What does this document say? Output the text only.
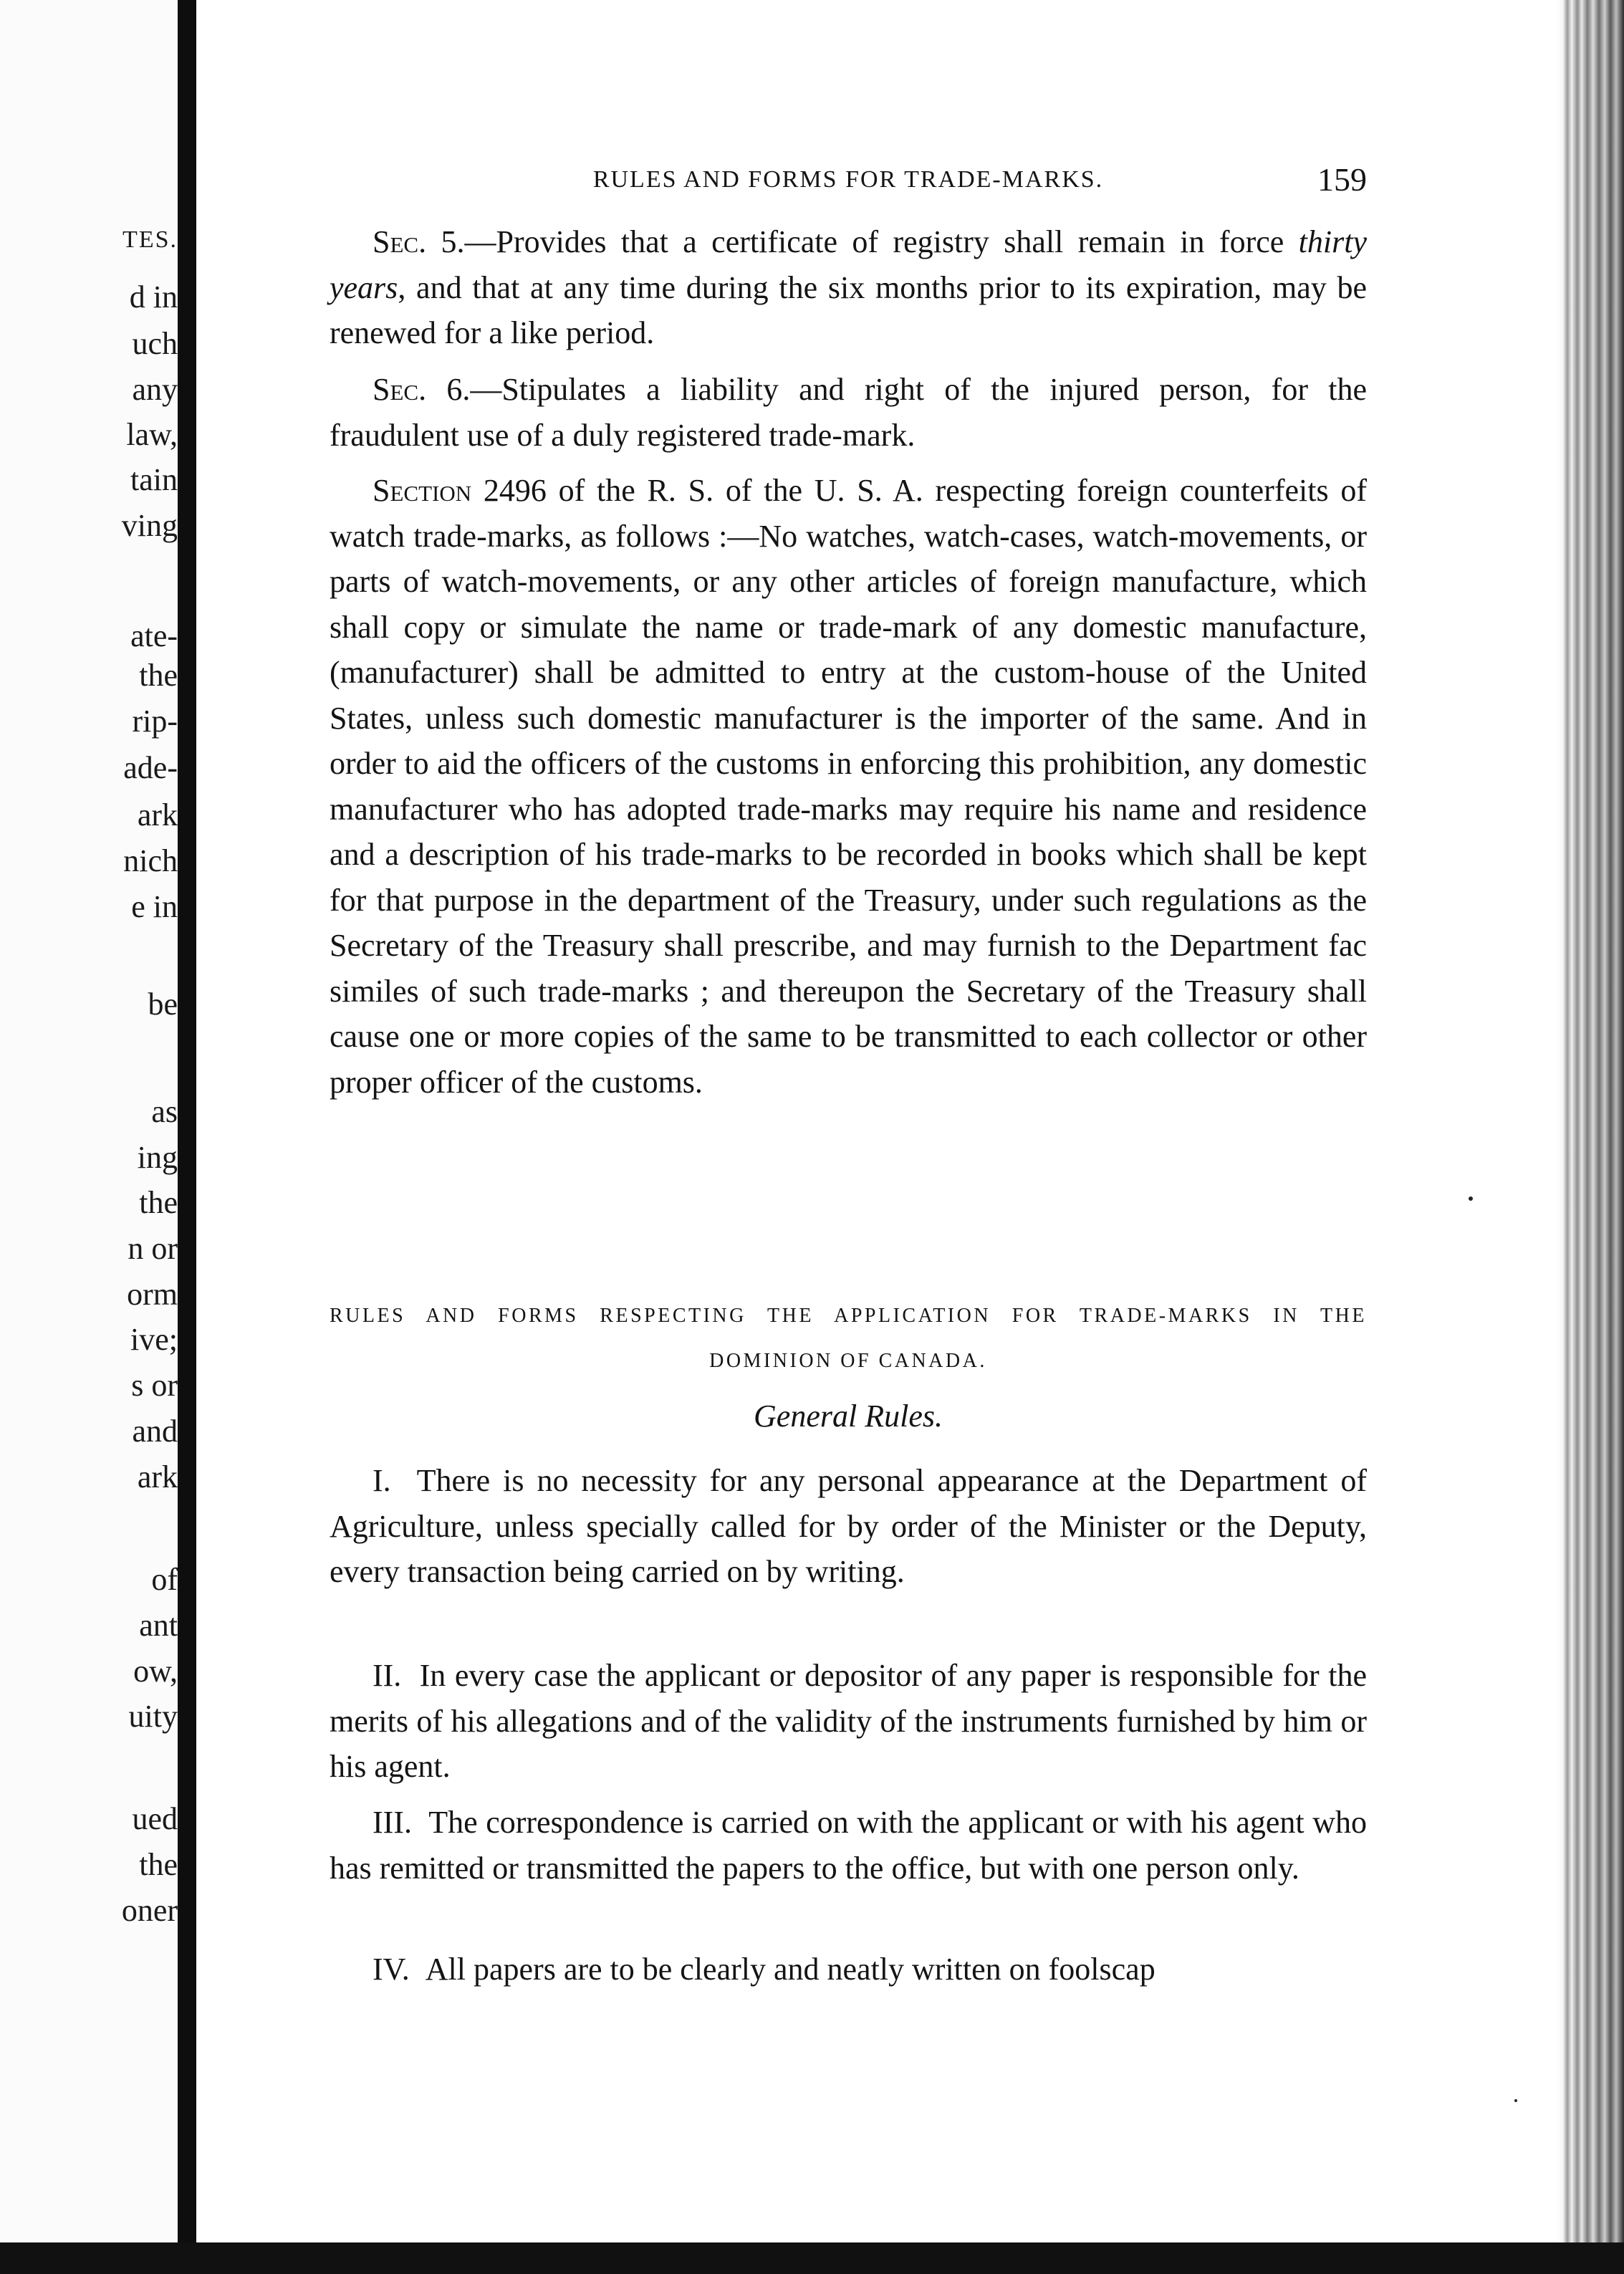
TES.

d in

uch

any

law,

tain

ving

ate-

the

rip-

ade-

ark

nich

e in

be

as

ing

the

n or

orm

ive;

s or

and

ark

of

ant

ow,

uity

ued

the

oner

RULES AND FORMS FOR TRADE-MARKS.	159

Sec. 5.—Provides that a certificate of registry shall remain in force thirty years, and that at any time during the six months prior to its expiration, may be renewed for a like period.

Sec. 6.—Stipulates a liability and right of the injured person, for the fraudulent use of a duly registered trade-mark.

Section 2496 of the R. S. of the U. S. A. respecting foreign counterfeits of watch trade-marks, as follows :—No watches, watch-cases, watch-movements, or parts of watch-movements, or any other articles of foreign manufacture, which shall copy or simulate the name or trade-mark of any domestic manufacture, (manufacturer) shall be admitted to entry at the custom-house of the United States, unless such domestic manufacturer is the importer of the same. And in order to aid the officers of the customs in enforcing this prohibition, any domestic manufacturer who has adopted trade-marks may require his name and residence and a description of his trade-marks to be recorded in books which shall be kept for that purpose in the department of the Treasury, under such regulations as the Secretary of the Treasury shall prescribe, and may furnish to the Department fac similes of such trade-marks ; and thereupon the Secretary of the Treasury shall cause one or more copies of the same to be transmitted to each collector or other proper officer of the customs.

RULES AND FORMS RESPECTING THE APPLICATION FOR TRADE-MARKS IN THE DOMINION OF CANADA.

General Rules.

I. There is no necessity for any personal appearance at the Department of Agriculture, unless specially called for by order of the Minister or the Deputy, every transaction being carried on by writing.

II. In every case the applicant or depositor of any paper is responsible for the merits of his allegations and of the validity of the instruments furnished by him or his agent.

III. The correspondence is carried on with the applicant or with his agent who has remitted or transmitted the papers to the office, but with one person only.

IV. All papers are to be clearly and neatly written on foolscap
